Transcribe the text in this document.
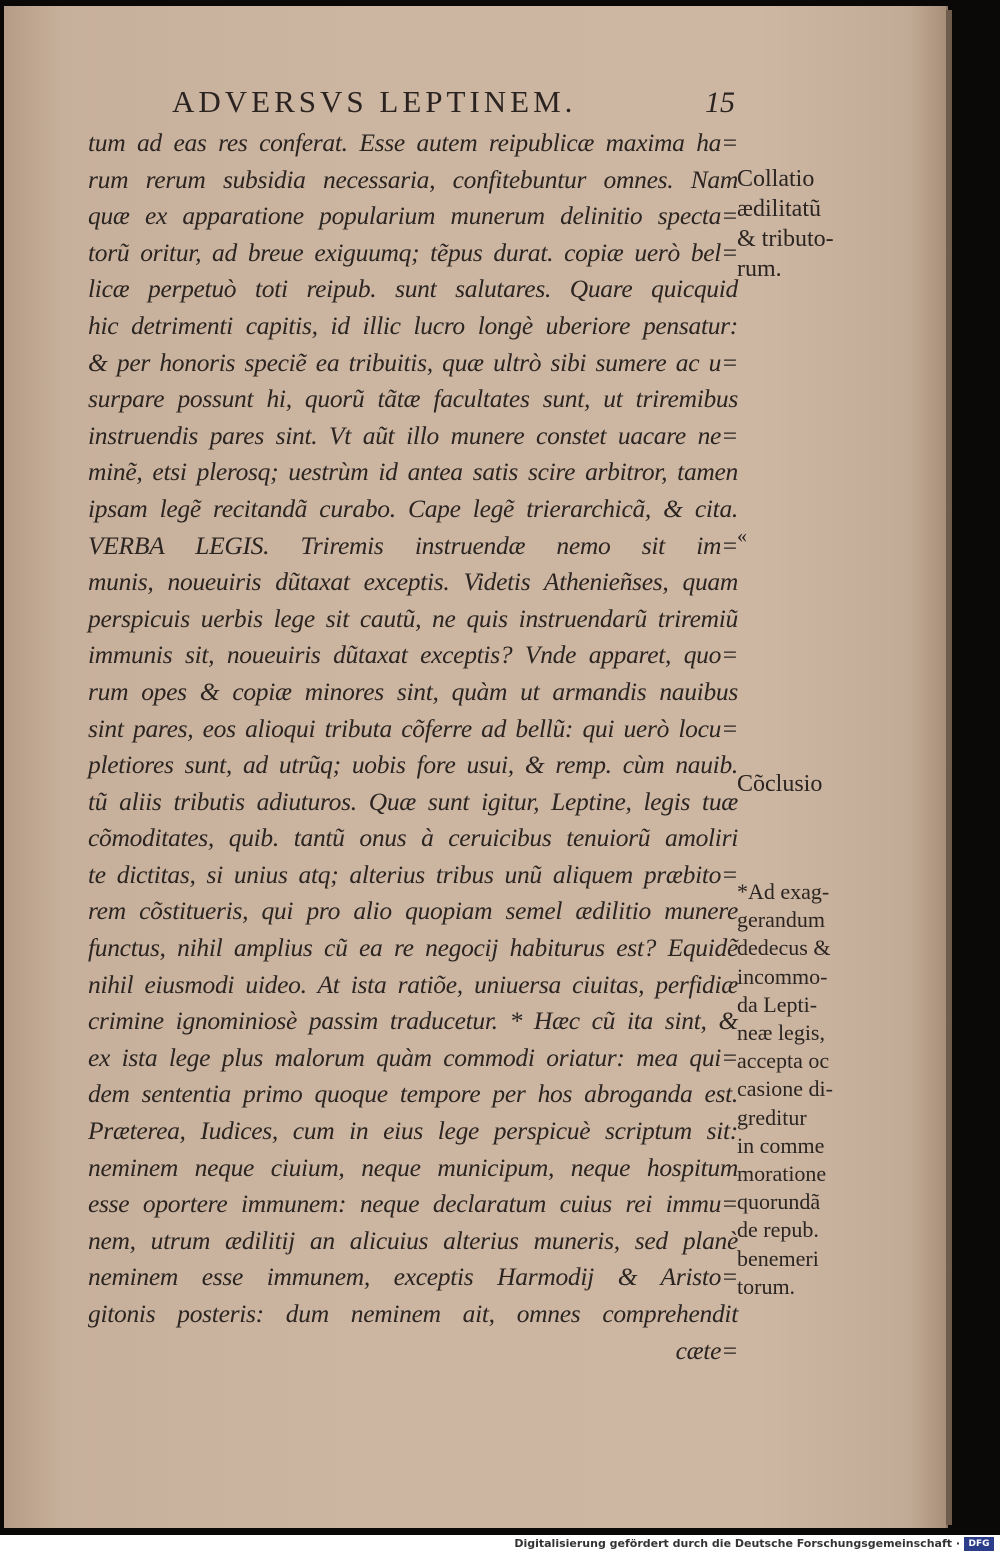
ADVERSVS LEPTINEM.	15
tum ad eas res conferat. Esse autem reipublicæ maxima ha=
rum rerum subsidia necessaria, confitebuntur omnes. Nam
quæ ex apparatione popularium munerum delinitio specta=
torũ oritur, ad breue exiguumq; tẽpus durat. copiæ uerò bel=
licæ perpetuò toti reipub. sunt salutares. Quare quicquid
hic detrimenti capitis, id illic lucro longè uberiore pensatur:
& per honoris speciẽ ea tribuitis, quæ ultrò sibi sumere ac u=
surpare possunt hi, quorũ tãtæ facultates sunt, ut triremibus
instruendis pares sint. Vt aũt illo munere constet uacare ne=
minẽ, etsi plerosq; uestrùm id antea satis scire arbitror, tamen
ipsam legẽ recitandã curabo. Cape legẽ trierarchicã, & cita.
VERBA LEGIS. Triremis instruendæ nemo sit im=
munis, noueuiris dũtaxat exceptis. Videtis Athenieñses, quam
perspicuis uerbis lege sit cautũ, ne quis instruendarũ triremiũ
immunis sit, noueuiris dũtaxat exceptis? Vnde apparet, quo=
rum opes & copiæ minores sint, quàm ut armandis nauibus
sint pares, eos alioqui tributa cõferre ad bellũ: qui uerò locu=
pletiores sunt, ad utrũq; uobis fore usui, & remp. cùm nauib.
tũ aliis tributis adiuturos. Quæ sunt igitur, Leptine, legis tuæ
cõmoditates, quib. tantũ onus à ceruicibus tenuiorũ amoliri
te dictitas, si unius atq; alterius tribus unũ aliquem præbito=
rem cõstitueris, qui pro alio quopiam semel ædilitio munere
functus, nihil amplius cũ ea re negocij habiturus est? Equidẽ
nihil eiusmodi uideo. At ista ratiõe, uniuersa ciuitas, perfidiæ
crimine ignominiosè passim traducetur. * Hæc cũ ita sint, &
ex ista lege plus malorum quàm commodi oriatur: mea qui=
dem sententia primo quoque tempore per hos abroganda est.
Præterea, Iudices, cum in eius lege perspicuè scriptum sit:
neminem neque ciuium, neque municipum, neque hospitum
esse oportere immunem: neque declaratum cuius rei immu=
nem, utrum ædilitij an alicuius alterius muneris, sed planè
neminem esse immunem, exceptis Harmodij & Aristo=
gitonis posteris: dum neminem ait, omnes comprehendit
cæte=
Collatio
ædilitatũ
& tributo-
rum.
«
Cõclusio
*Ad exag-
gerandum
dedecus &
incommo-
da Lepti-
neæ legis,
accepta oc
casione di-
greditur
in comme
moratione
quorundã
de repub.
benemeri
torum.
Digitalisierung gefördert durch die Deutsche Forschungsgemeinschaft · DFG
